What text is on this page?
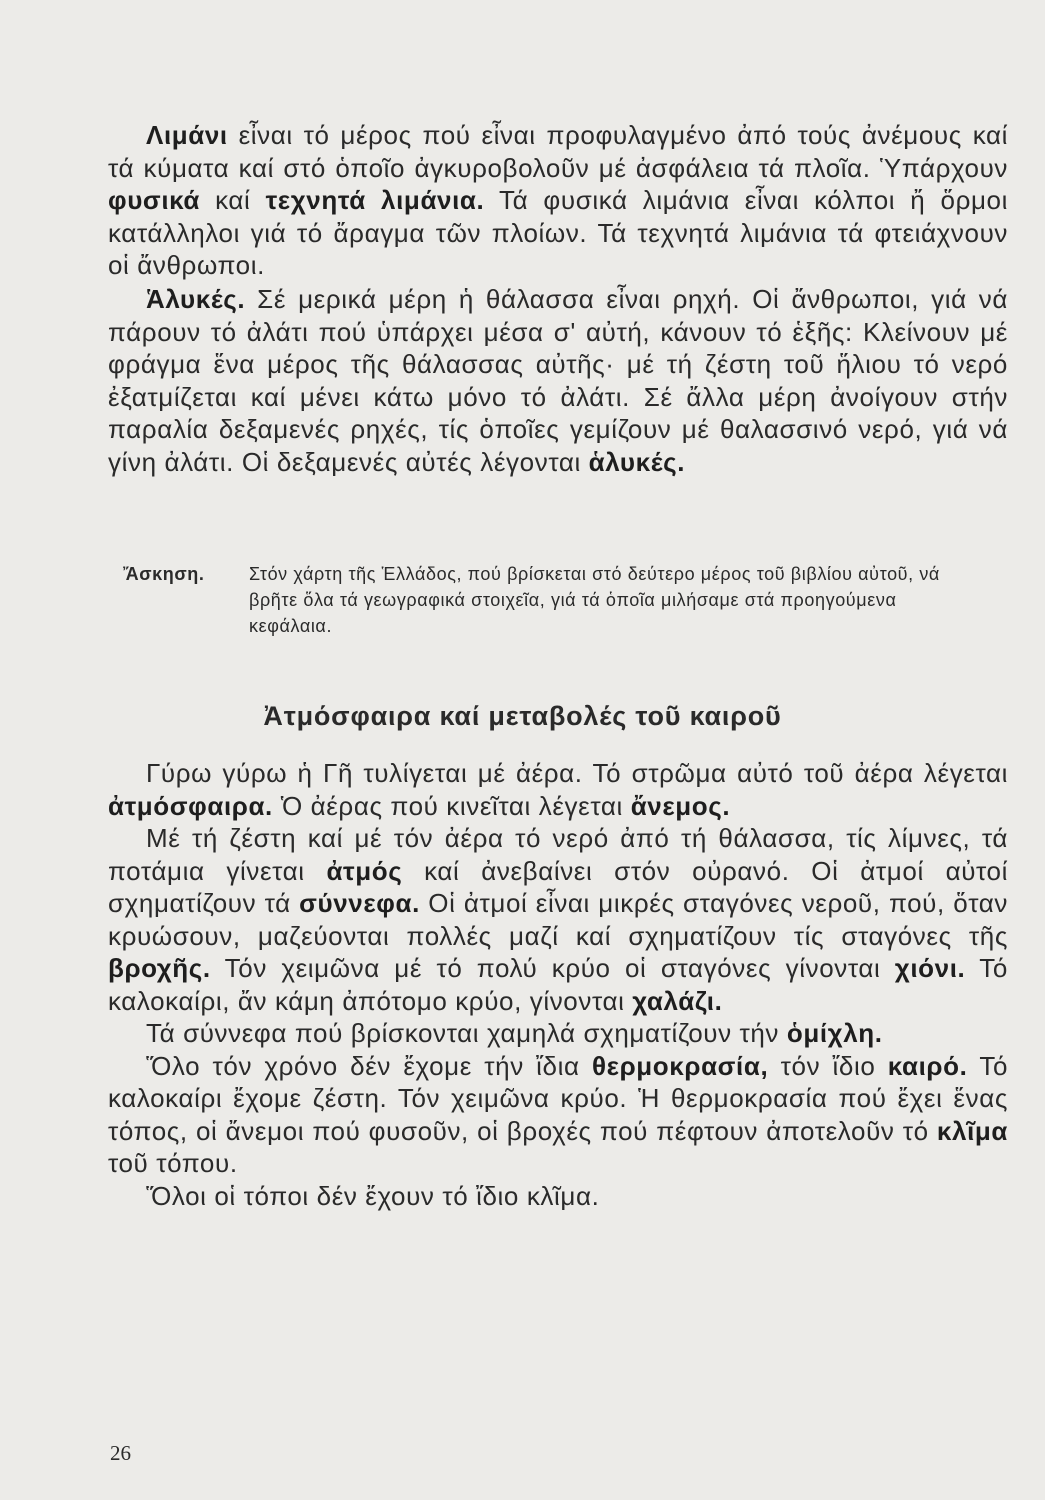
Λιμάνι εἶναι τό μέρος πού εἶναι προφυλαγμένο ἀπό τούς ἀνέμους καί τά κύματα καί στό ὁποῖο ἀγκυροβολοῦν μέ ἀσφάλεια τά πλοῖα. Ὑπάρχουν φυσικά καί τεχνητά λιμάνια. Τά φυσικά λιμάνια εἶναι κόλποι ἤ ὅρμοι κατάλληλοι γιά τό ἄραγμα τῶν πλοίων. Τά τεχνητά λιμάνια τά φτειάχνουν οἱ ἄνθρωποι.

Ἁλυκές. Σέ μερικά μέρη ἡ θάλασσα εἶναι ρηχή. Οἱ ἄνθρωποι, γιά νά πάρουν τό ἀλάτι πού ὑπάρχει μέσα σ' αὐτή, κάνουν τό ἑξῆς: Κλείνουν μέ φράγμα ἕνα μέρος τῆς θάλασσας αὐτῆς· μέ τή ζέστη τοῦ ἥλιου τό νερό ἐξατμίζεται καί μένει κάτω μόνο τό ἀλάτι. Σέ ἄλλα μέρη ἀνοίγουν στήν παραλία δεξαμενές ρηχές, τίς ὁποῖες γεμίζουν μέ θαλασσινό νερό, γιά νά γίνη ἀλάτι. Οἱ δεξαμενές αὐτές λέγονται ἁλυκές.

Ἄσκηση. Στόν χάρτη τῆς Ἑλλάδος, πού βρίσκεται στό δεύτερο μέρος τοῦ βιβλίου αὐτοῦ, νά βρῆτε ὅλα τά γεωγραφικά στοιχεῖα, γιά τά ὁποῖα μιλήσαμε στά προηγούμενα κεφάλαια.
Ἀτμόσφαιρα καί μεταβολές τοῦ καιροῦ
Γύρω γύρω ἡ Γῆ τυλίγεται μέ ἀέρα. Τό στρῶμα αὐτό τοῦ ἀέρα λέγεται ἀτμόσφαιρα. Ὁ ἀέρας πού κινεῖται λέγεται ἄνεμος.
Μέ τή ζέστη καί μέ τόν ἀέρα τό νερό ἀπό τή θάλασσα, τίς λίμνες, τά ποτάμια γίνεται ἀτμός καί ἀνεβαίνει στόν οὐρανό. Οἱ ἀτμοί αὐτοί σχηματίζουν τά σύννεφα. Οἱ ἀτμοί εἶναι μικρές σταγόνες νεροῦ, πού, ὅταν κρυώσουν, μαζεύονται πολλές μαζί καί σχηματίζουν τίς σταγόνες τῆς βροχῆς. Τόν χειμῶνα μέ τό πολύ κρύο οἱ σταγόνες γίνονται χιόνι. Τό καλοκαίρι, ἄν κάμη ἀπότομο κρύο, γίνονται χαλάζι.
Τά σύννεφα πού βρίσκονται χαμηλά σχηματίζουν τήν ὁμίχλη.
Ὅλο τόν χρόνο δέν ἔχομε τήν ἴδια θερμοκρασία, τόν ἴδιο καιρό. Τό καλοκαίρι ἔχομε ζέστη. Τόν χειμῶνα κρύο. Ἡ θερμοκρασία πού ἔχει ἕνας τόπος, οἱ ἄνεμοι πού φυσοῦν, οἱ βροχές πού πέφτουν ἀποτελοῦν τό κλῖμα τοῦ τόπου.
Ὅλοι οἱ τόποι δέν ἔχουν τό ἴδιο κλῖμα.
26
